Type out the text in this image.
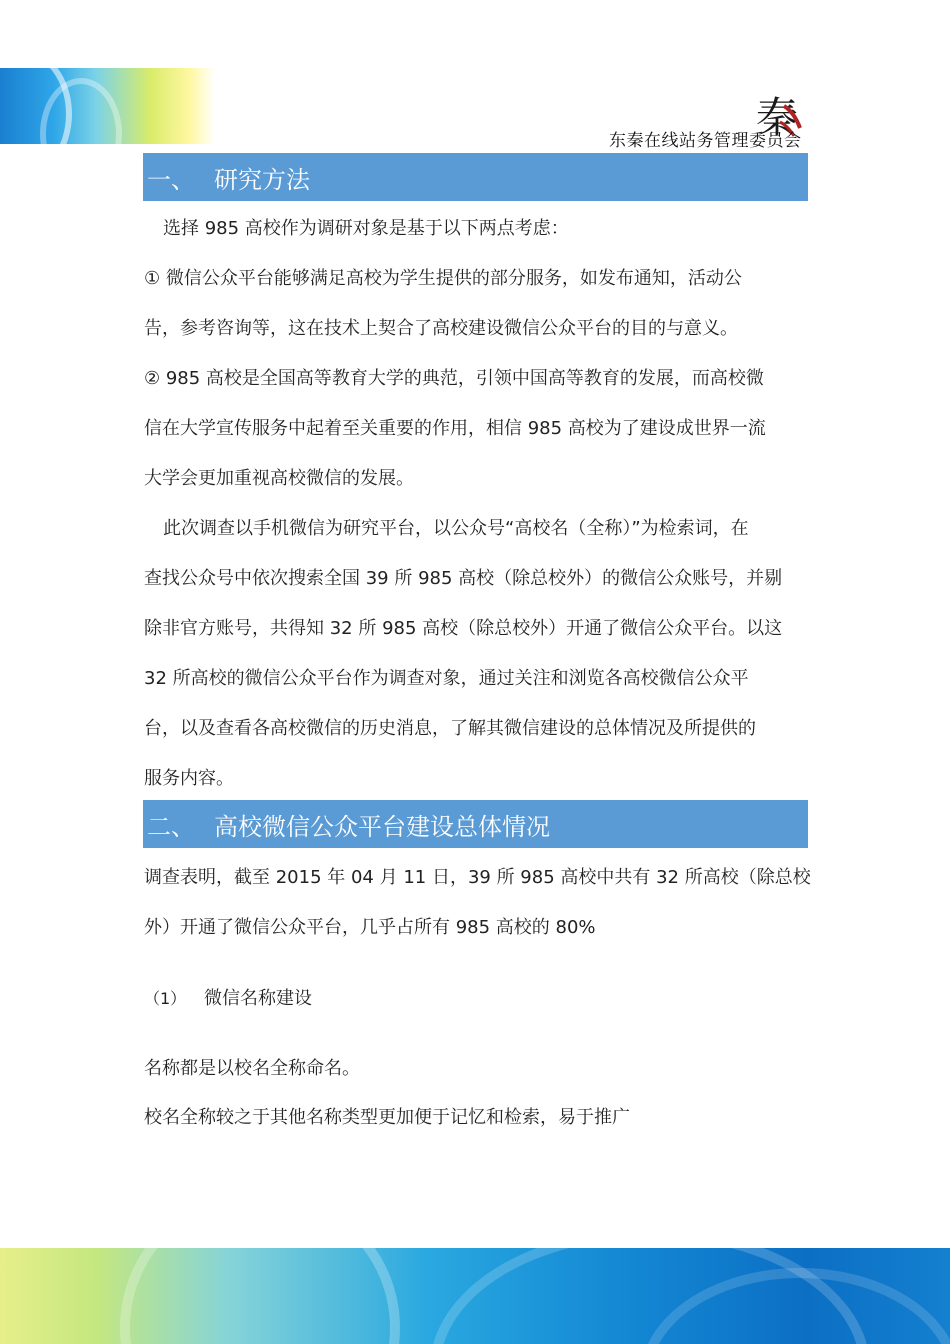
秦
东秦在线站务管理委员会
一、 研究方法
选择 985 高校作为调研对象是基于以下两点考虑：
① 微信公众平台能够满足高校为学生提供的部分服务，如发布通知，活动公
告，参考咨询等，这在技术上契合了高校建设微信公众平台的目的与意义。
② 985 高校是全国高等教育大学的典范，引领中国高等教育的发展，而高校微
信在大学宣传服务中起着至关重要的作用，相信 985 高校为了建设成世界一流
大学会更加重视高校微信的发展。
此次调查以手机微信为研究平台，以公众号“高校名（全称）”为检索词，在
查找公众号中依次搜索全国 39 所 985 高校（除总校外）的微信公众账号，并剔
除非官方账号，共得知 32 所 985 高校（除总校外）开通了微信公众平台。以这
32 所高校的微信公众平台作为调查对象，通过关注和浏览各高校微信公众平
台，以及查看各高校微信的历史消息，了解其微信建设的总体情况及所提供的
服务内容。
二、 高校微信公众平台建设总体情况
调查表明，截至 2015 年 04 月 11 日，39 所 985 高校中共有 32 所高校（除总校
外）开通了微信公众平台，几乎占所有 985 高校的 80%
（1） 微信名称建设
名称都是以校名全称命名。
校名全称较之于其他名称类型更加便于记忆和检索，易于推广
